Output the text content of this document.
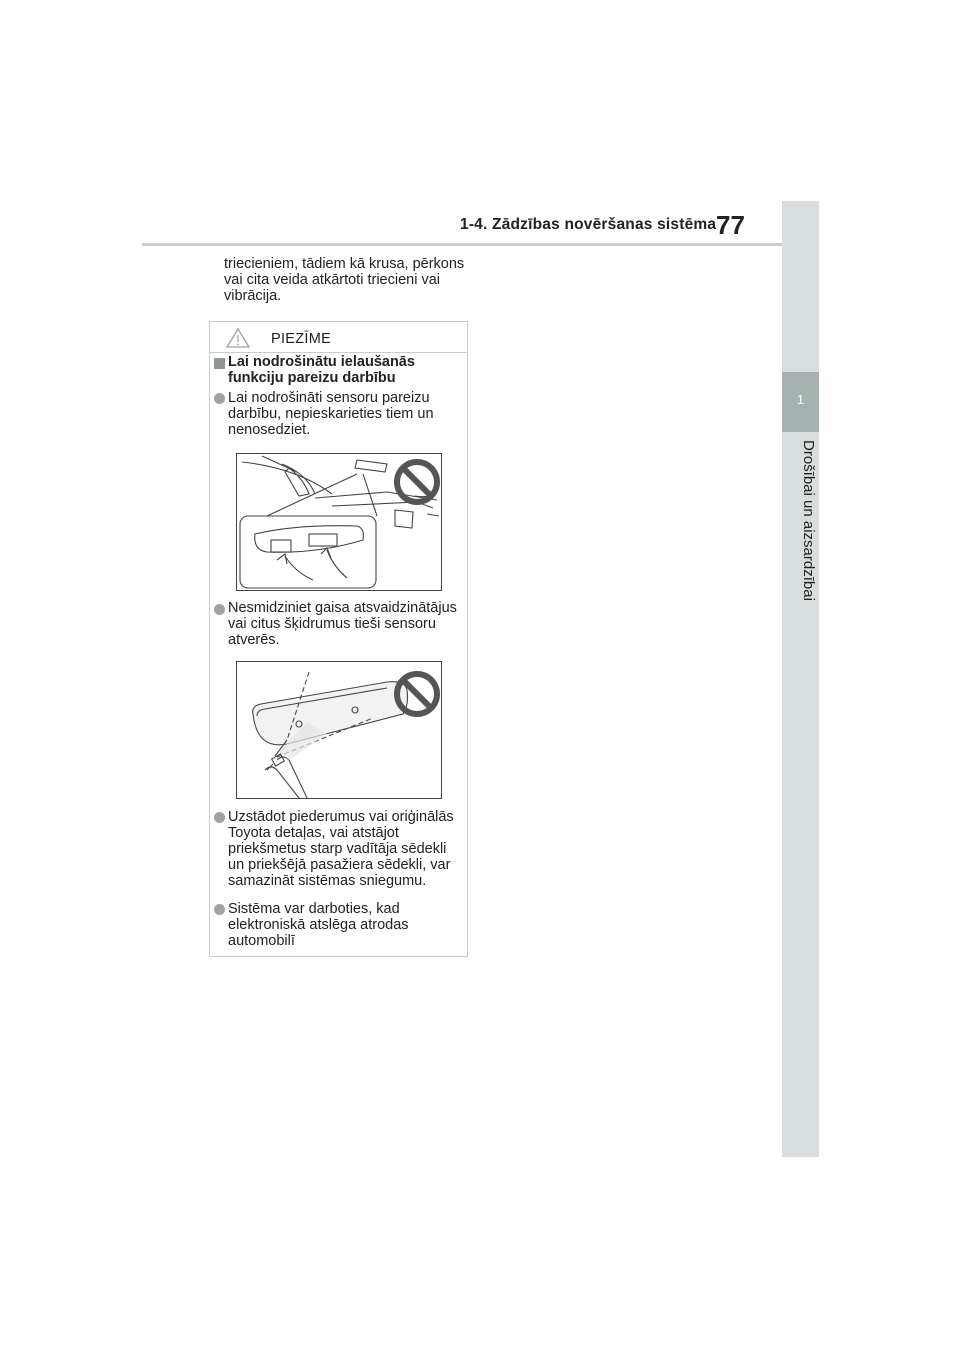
1-4. Zādzības novēršanas sistēma 77
1
Drošībai un aizsardzībai
triecieniem, tādiem kā krusa, pērkons vai cita veida atkārtoti triecieni vai vibrācija.
PIEZĪME
Lai nodrošinātu ielaušanās funkciju pareizu darbību
Lai nodrošināti sensoru pareizu darbību, nepieskarieties tiem un nenosedziet.
Nesmidziniet gaisa atsvaidzinātājus vai citus šķidrumus tieši sensoru atverēs.
Uzstādot piederumus vai oriģinālās Toyota detaļas, vai atstājot priekšmetus starp vadītāja sēdekli un priekšējā pasažiera sēdekli, var samazināt sistēmas sniegumu.
Sistēma var darboties, kad elektroniskā atslēga atrodas automobilī
